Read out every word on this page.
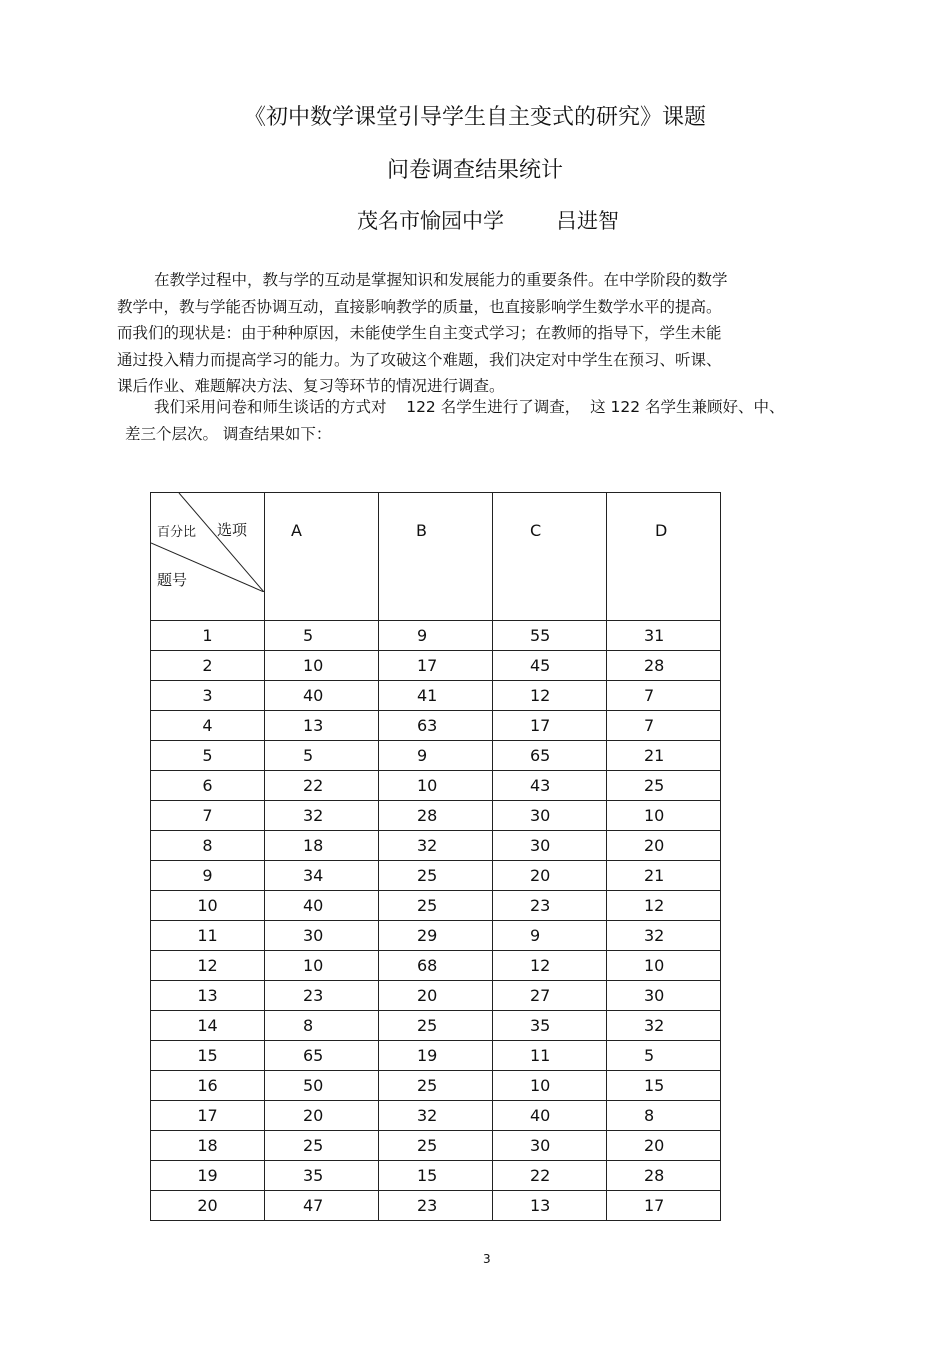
《初中数学课堂引导学生自主变式的研究》课题
问卷调查结果统计
茂名市愉园中学 吕进智
在教学过程中，教与学的互动是掌握知识和发展能力的重要条件。在中学阶段的数学
教学中，教与学能否协调互动，直接影响教学的质量，也直接影响学生数学水平的提高。
而我们的现状是：由于种种原因，未能使学生自主变式学习；在教师的指导下，学生未能
通过投入精力而提高学习的能力。为了攻破这个难题，我们决定对中学生在预习、听课、
课后作业、难题解决方法、复习等环节的情况进行调查。
我们采用问卷和师生谈话的方式对    122 名学生进行了调查，  这 122 名学生兼顾好、中、
差三个层次。 调查结果如下：
百分比 选项
题号	A	B	C	D
1	5	9	55	31
2	10	17	45	28
3	40	41	12	7
4	13	63	17	7
5	5	9	65	21
6	22	10	43	25
7	32	28	30	10
8	18	32	30	20
9	34	25	20	21
10	40	25	23	12
11	30	29	9	32
12	10	68	12	10
13	23	20	27	30
14	8	25	35	32
15	65	19	11	5
16	50	25	10	15
17	20	32	40	8
18	25	25	30	20
19	35	15	22	28
20	47	23	13	17
3
